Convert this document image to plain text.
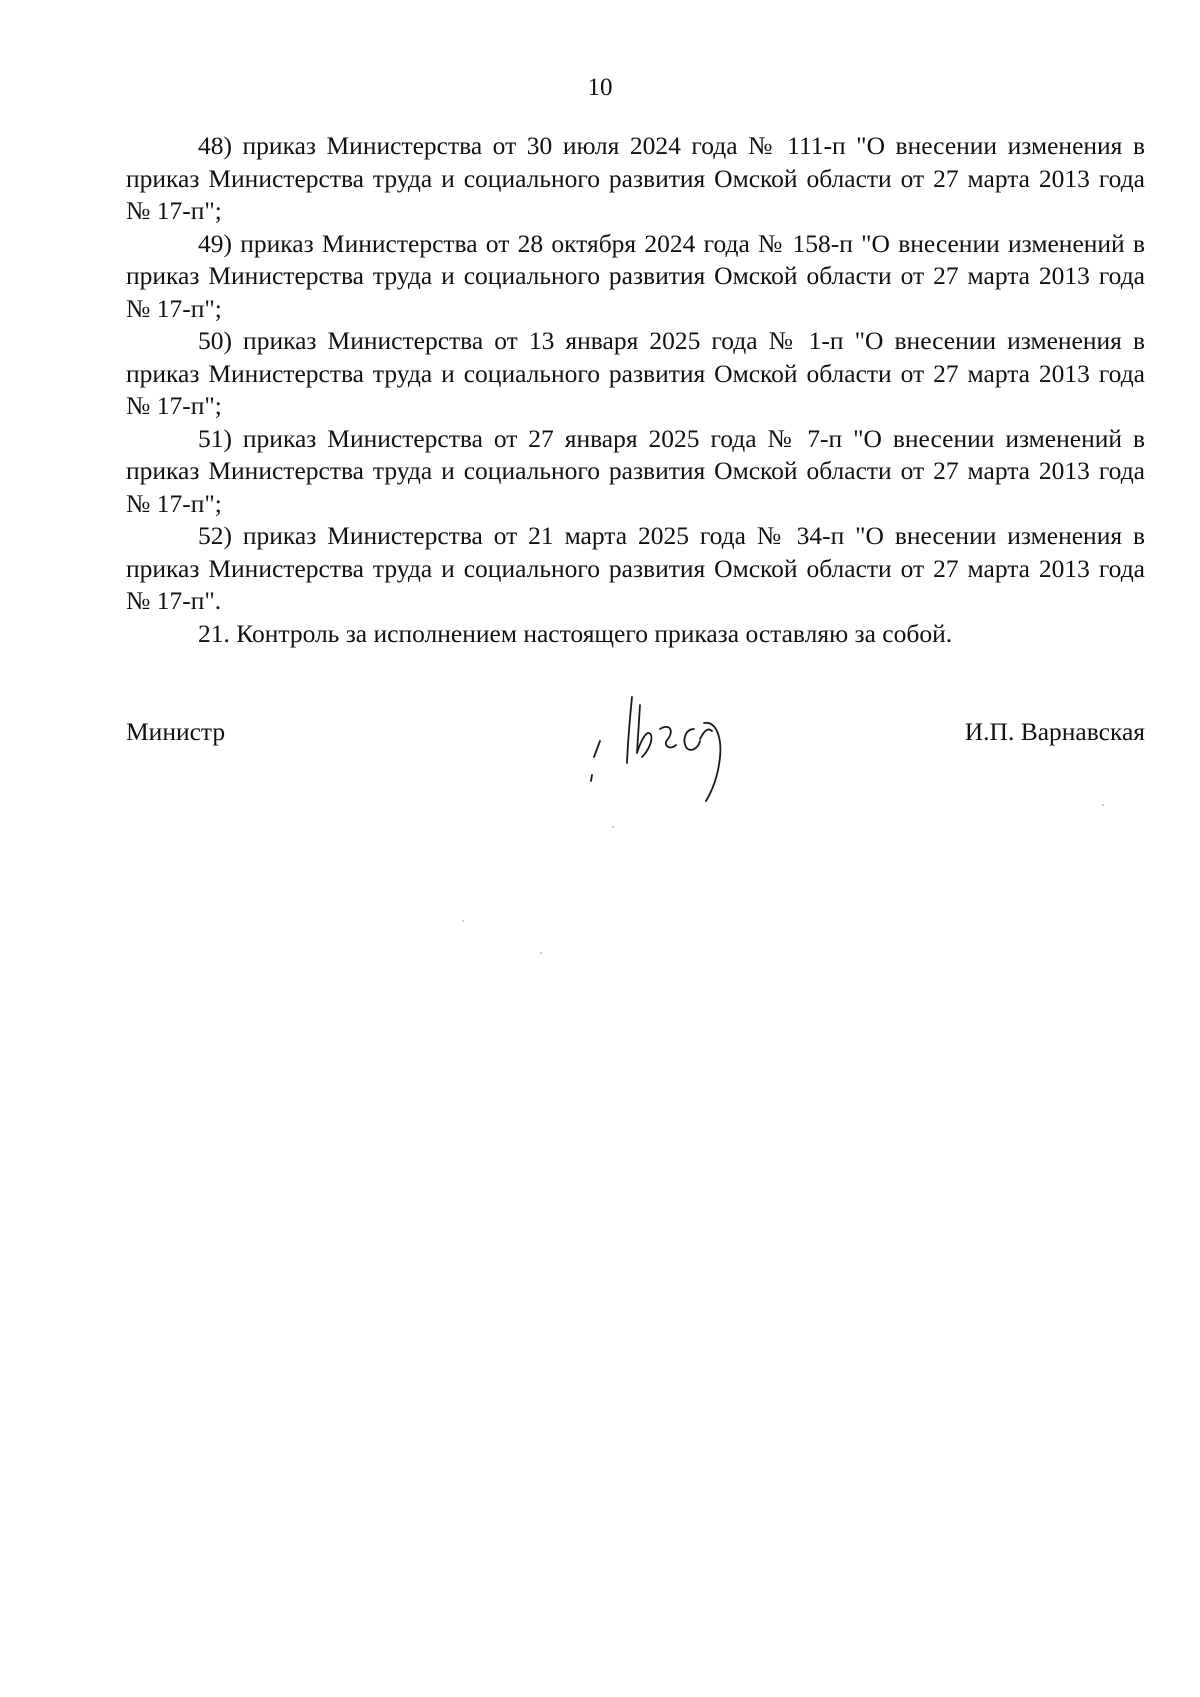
10

48) приказ Министерства от 30 июля 2024 года № 111-п "О внесении изменения в приказ Министерства труда и социального развития Омской области от 27 марта 2013 года № 17-п";

49) приказ Министерства от 28 октября 2024 года № 158-п "О внесении изменений в приказ Министерства труда и социального развития Омской области от 27 марта 2013 года № 17-п";

50) приказ Министерства от 13 января 2025 года № 1-п "О внесении изменения в приказ Министерства труда и социального развития Омской области от 27 марта 2013 года № 17-п";

51) приказ Министерства от 27 января 2025 года № 7-п "О внесении изменений в приказ Министерства труда и социального развития Омской области от 27 марта 2013 года № 17-п";

52) приказ Министерства от 21 марта 2025 года № 34-п "О внесении изменения в приказ Министерства труда и социального развития Омской области от 27 марта 2013 года № 17-п".

21. Контроль за исполнением настоящего приказа оставляю за собой.

Министр	И.П. Варнавская
